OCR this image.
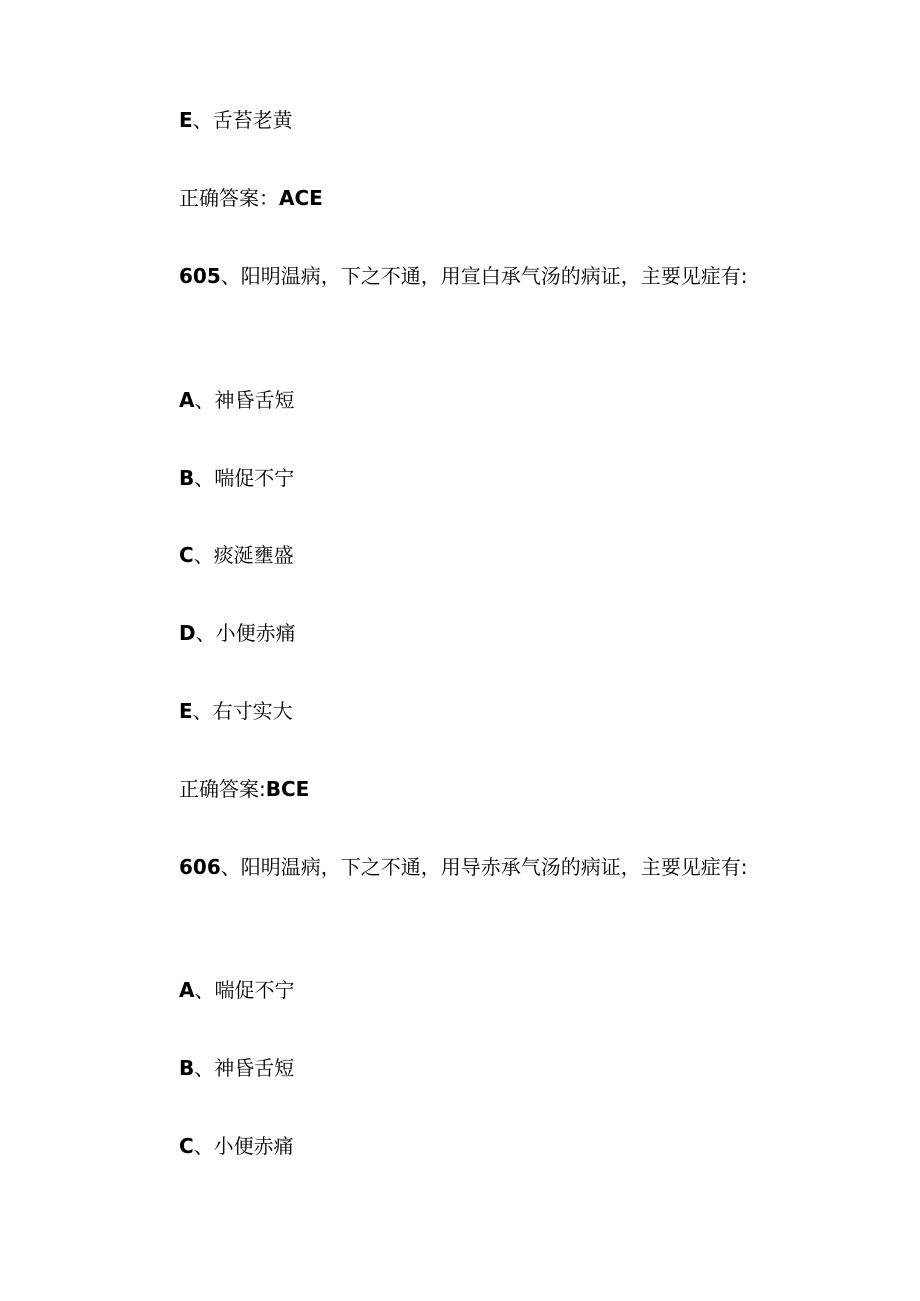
E、舌苔老黄
正确答案：ACE
605、阳明温病，下之不通，用宣白承气汤的病证，主要见症有:
A、神昏舌短
B、喘促不宁
C、痰涎壅盛
D、小便赤痛
E、右寸实大
正确答案:BCE
606、阳明温病，下之不通，用导赤承气汤的病证，主要见症有:
A、喘促不宁
B、神昏舌短
C、小便赤痛
